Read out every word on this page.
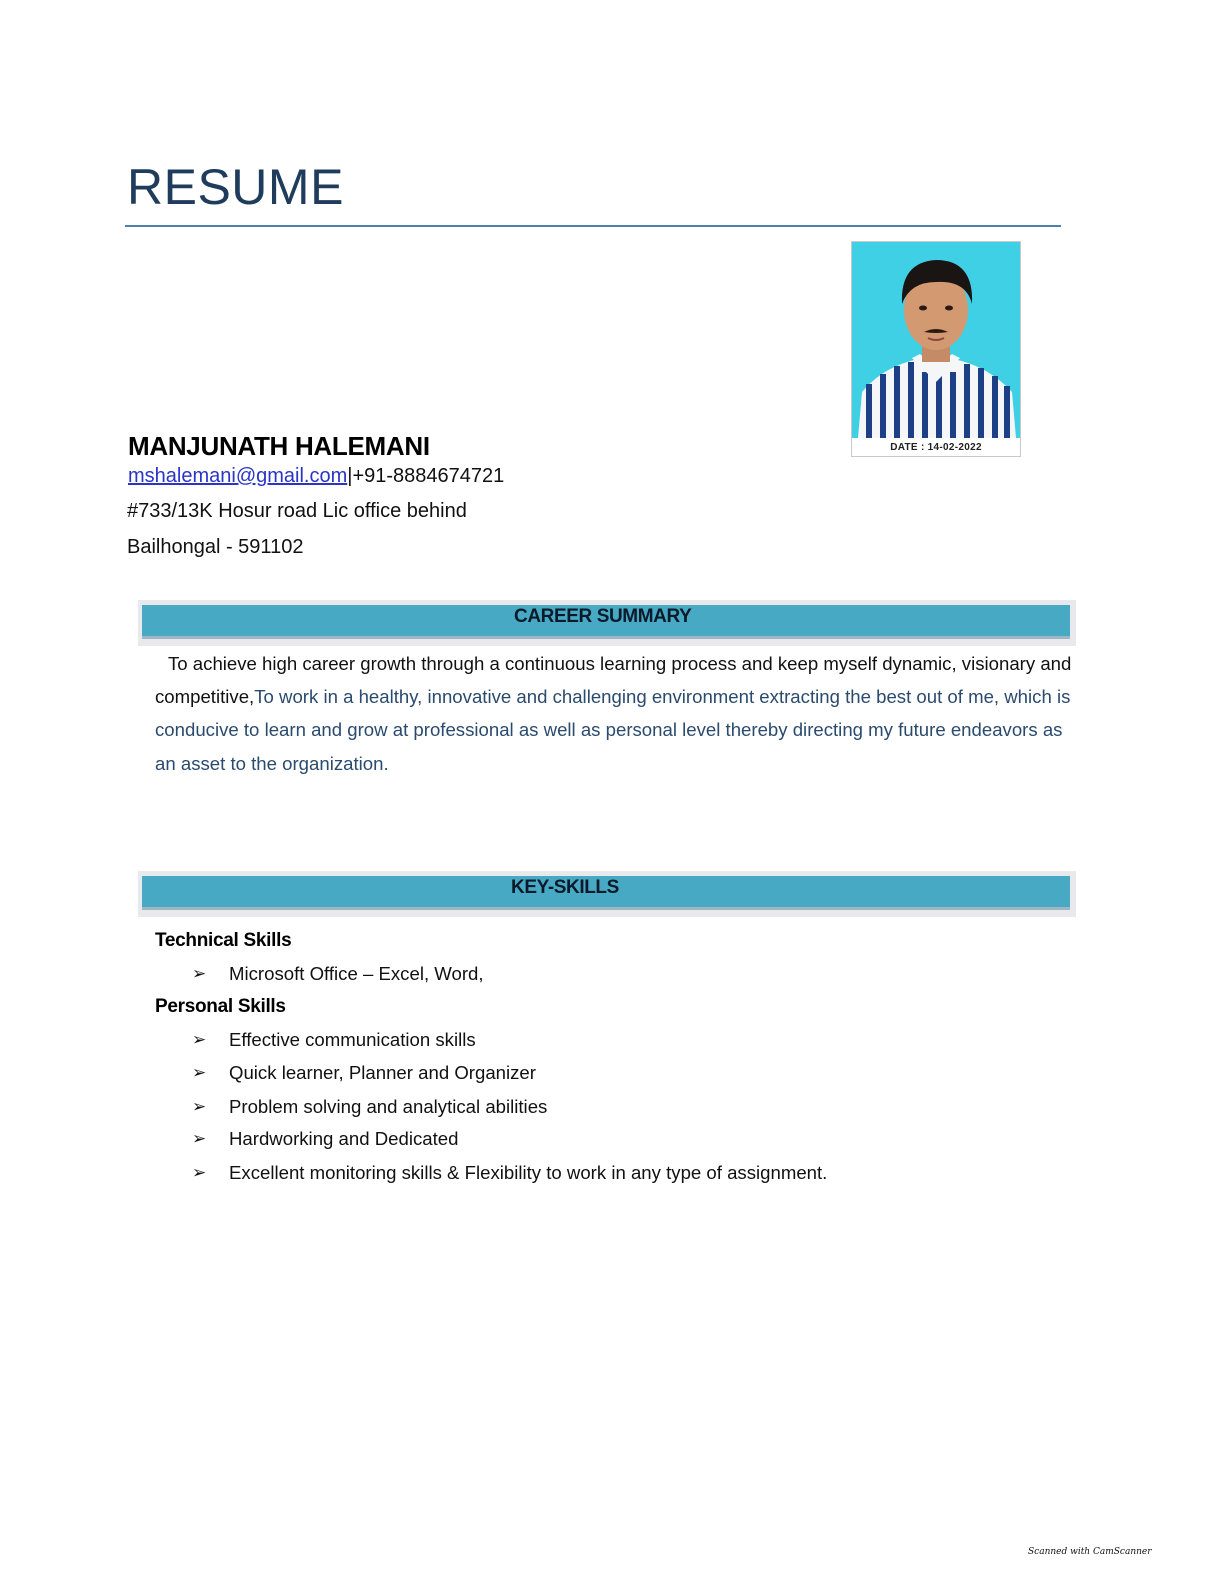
RESUME
DATE : 14-02-2022
MANJUNATH HALEMANI
mshalemani@gmail.com|+91-8884674721
#733/13K Hosur road Lic office behind
Bailhongal - 591102
CAREER SUMMARY
To achieve high career growth through a continuous learning process and keep myself dynamic, visionary and competitive,To work in a healthy, innovative and challenging environment extracting the best out of me, which is conducive to learn and grow at professional as well as personal level thereby directing my future endeavors as an asset to the organization.
KEY-SKILLS
Technical Skills
➢ Microsoft Office – Excel, Word,
Personal Skills
➢ Effective communication skills
➢ Quick learner, Planner and Organizer
➢ Problem solving and analytical abilities
➢ Hardworking and Dedicated
➢ Excellent monitoring skills & Flexibility to work in any type of assignment.
Scanned with CamScanner
